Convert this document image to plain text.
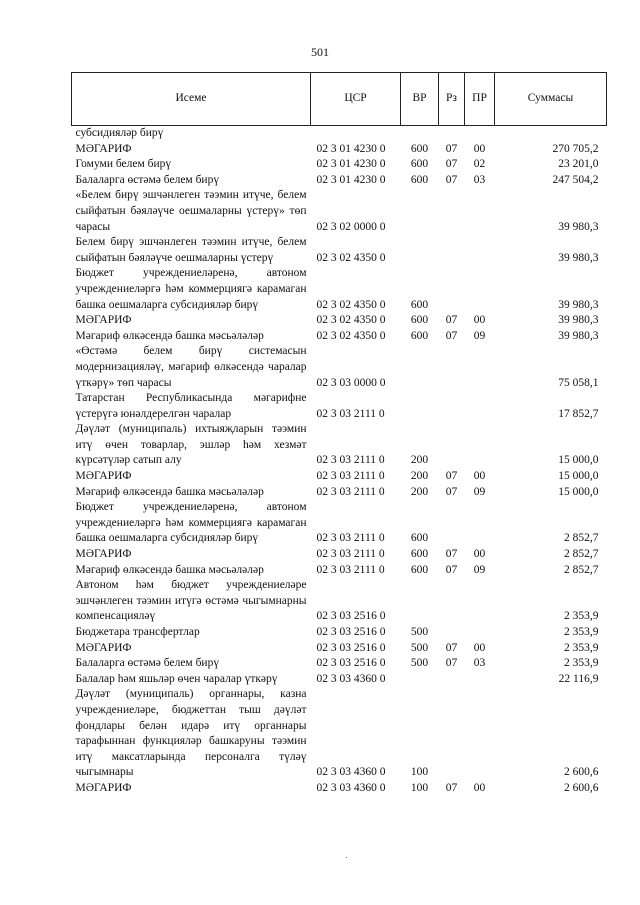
501
Исеме	ЦСР	ВР	Рз	ПР	Суммасы
субсидияләр бирү					
МӘГАРИФ	02 3 01 4230 0	600	07	00	270 705,2
Гомуми белем бирү	02 3 01 4230 0	600	07	02	23 201,0
Балаларга өстәмә белем бирү	02 3 01 4230 0	600	07	03	247 504,2
«Белем бирү эшчәнлеген тәэмин итүче, белем сыйфатын бәяләүче оешмаларны үстерү» төп чарасы	02 3 02 0000 0				39 980,3
Белем бирү эшчәнлеген тәэмин итүче, белем сыйфатын бәяләүче оешмаларны үстерү	02 3 02 4350 0				39 980,3
Бюджет учреждениеләренә, автоном учреждениеләргә һәм коммерциягә карамаган башка оешмаларга субсидияләр бирү	02 3 02 4350 0	600			39 980,3
МӘГАРИФ	02 3 02 4350 0	600	07	00	39 980,3
Мәгариф өлкәсендә башка мәсьәләләр	02 3 02 4350 0	600	07	09	39 980,3
«Өстәмә белем бирү системасын модернизацияләү, мәгариф өлкәсендә чаралар үткәрү» төп чарасы	02 3 03 0000 0				75 058,1
Татарстан Республикасында мәгарифне үстерүгә юнәлдерелгән чаралар	02 3 03 2111 0				17 852,7
Дәүләт (муниципаль) ихтыяҗларын тәэмин итү өчен товарлар, эшләр һәм хезмәт күрсәтүләр сатып алу	02 3 03 2111 0	200			15 000,0
МӘГАРИФ	02 3 03 2111 0	200	07	00	15 000,0
Мәгариф өлкәсендә башка мәсьәләләр	02 3 03 2111 0	200	07	09	15 000,0
Бюджет учреждениеләренә, автоном учреждениеләргә һәм коммерциягә карамаган башка оешмаларга субсидияләр бирү	02 3 03 2111 0	600			2 852,7
МӘГАРИФ	02 3 03 2111 0	600	07	00	2 852,7
Мәгариф өлкәсендә башка мәсьәләләр	02 3 03 2111 0	600	07	09	2 852,7
Автоном һәм бюджет учреждениеләре эшчәнлеген тәэмин итүгә өстәмә чыгымнарны компенсацияләү	02 3 03 2516 0				2 353,9
Бюджетара трансфертлар	02 3 03 2516 0	500			2 353,9
МӘГАРИФ	02 3 03 2516 0	500	07	00	2 353,9
Балаларга өстәмә белем бирү	02 3 03 2516 0	500	07	03	2 353,9
Балалар һәм яшьләр өчен чаралар үткәрү	02 3 03 4360 0				22 116,9
Дәүләт (муниципаль) органнары, казна учреждениеләре, бюджеттан тыш дәүләт фондлары белән идарә итү органнары тарафыннан функцияләр башкаруны тәэмин итү максатларында персоналга түләү чыгымнары	02 3 03 4360 0	100			2 600,6
МӘГАРИФ	02 3 03 4360 0	100	07	00	2 600,6
